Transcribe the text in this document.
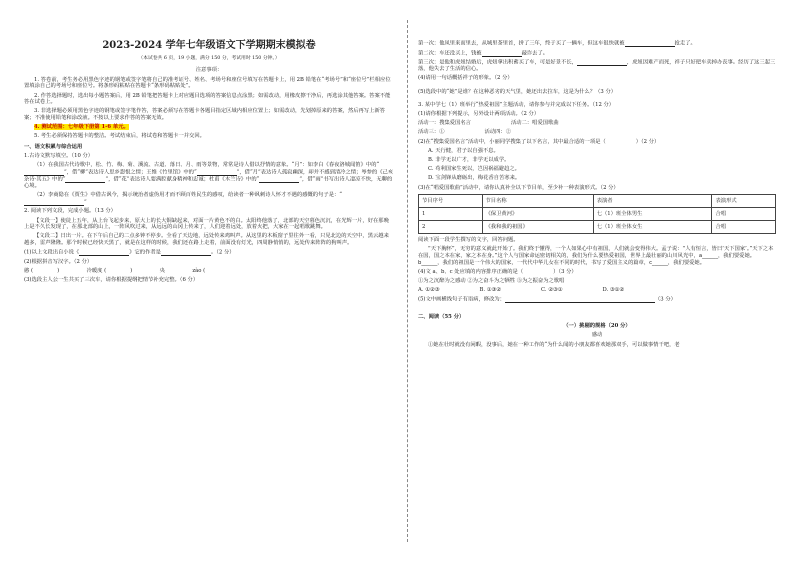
2023-2024 学年七年级语文下学期期末模拟卷
（本试卷共 6 页，19 小题，满分 150 分，考试用时 150 分钟。）

注意事项：

1. 答卷前，考生务必用黑色字迹的钢笔或签字笔将自己的准考证号、姓名、考场号和座位号填写在答题卡上，用 2B 铅笔在“考场号”和“座位号”栏相应位置填涂自己的考场号和座位号。将条形码粘贴在答题卡“条形码粘贴处”。

2. 作答选择题时，选出每小题答案后，用 2B 铅笔把答题卡上对应题目选项的答案信息点涂黑；如需改动，用橡皮擦干净后，再选涂其他答案。答案不能答在试卷上。

3. 非选择题必须用黑色字迹的钢笔或签字笔作答，答案必须写在答题卡各题目指定区域内相应位置上；如需改动，先划掉原来的答案，然后再写上新答案；不准使用铅笔和涂改液。不按以上要求作答的答案无效。

4. 测试范围：七年级下册第 1-6 单元。

5. 考生必须保持答题卡的整洁。考试结束后，将试卷和答题卡一并交回。

一、语文积累与综合运用

1.古诗文默写填空。（10 分）

（1）在我国古代诗歌中，松、竹、梅、菊、溪流、古道、落日、月、雨等景物，常常是诗人借以抒情的意象。“月”：如李白《春夜洛城闻笛》中的“”，借“柳”表达诗人思乡怨恨之情；王维《竹里馆》中的“	”，借“月”表达诗人孤寂幽深，却并不感到清冷之情；岑参的《己亥杂诗·其五》中的“	”，借“花”表达诗人要满腔献身精神和忠诚；杜甫《木兰诗》中的“	”，借“雨”书写出诗人凄凉不快，无聊的心境。

（2）李商隐在《贾生》中借古讽今，揭示统治者虚伪用才而不顾百姓民生的感叹，给读者一种讽刺诗人怀才不遇的感慨的句子是：“”

2. 阅读下列文段，完成小题。（13 分）

【文段一】使徒上五年，从上台飞起步来，原大上的长大铜缺起来，对面一片黄色不的白。太阳终他落了，北部的天空暮色沉沉，在光辉一片，好在那晚上是不久长发现了，在那北部的山上，一阵风吹过来，从远远的山冈上传来了，人们迎着远处，放着火把，大家在一起唱歌跳舞。

【文段二】日出一片。在下午后自己的二点多钟不停步。全看了天边地，远处传来鸡叫声。从这里的木板窗子里往外一看，只见北边的天空中，黑云越来越多，雷声隆隆。那个时候已经快天黑了，就是在这样的时候，我们还在路上走着，前面没有灯光，四周静悄悄的，远处传来阵阵的狗叫声。

(1)以上文段出自小说《	》它的作者是	。（2 分）

(2)根据拼音写汉字。（2 分）

憨 (	)	冷暖度 (	)	央	zào (

(3)选段主人公一生共买了三次车，请你根据提纲把情节补充完整。（6 分）

第一次：他凤里来而里去，从城里茶里首，拼了三年，终于买了一辆车，但这车很快就被	抢走了。

第二次：车还没买上，钱被	敲诈去了。

第三次：是他和虎妞结婚后，虎妞拿出积蓄买了车，可是好景不长，	，虎妞因难产而死，祥子只好把车卖掉办丧事。经历了这三起三落，他失去了生活的信心。

(4)请用一句话概括祥子的形象。（2 分）

(5)选段中的“她”是谁？在这种恶劣的天气里，她还出去拉车，这是为什么？（3 分）

3. 某中学七（1）班举行“热爱祖国”主题活动，请你参与并完成以下任务。（12 分）

(1)请你根据下列提示，另外设计两项活动。（2 分）

活动一：搜集爱国名言	活动二：唱爱国歌曲

活动三：①	活动四：②

(2)在“搜集爱国名言”活动中，小丽同学搜集了以下名言，其中最合适的一项是（	）（2 分）

A. 天行健，君子以自强不息。

B. 非学无以广才，非学无以成学。

C. 苟利国家生死以，岂因祸福避趋之。

D. 宝剑锋从磨砺出，梅花香自苦寒来。

(3)在“唱爱国歌曲”活动中，请你认真补全以下节目单，至少补一种表演形式。（2 分）

节目序号	节目名称	表演者	表演形式
1	《保卫黄河》	七（1）班全体男生	合唱
2	《我和我的祖国》	七（1）班全体女生	合唱

阅读下面一段学生撰写的文字，回答问题。

“天下胸怀”，无穷的意义就此开始了。我们终于懂得，一个人如果心中有祖国，人们就会变得伟大。孟子说：“人有恒言，皆曰‘天下国家’。”天下之本在国，国之本在家，家之本在身。”这个人与国家命运密切相关的，我们为什么要热爱祖国，世界上最壮丽的山川风光中，a______，我们要爱她。b______，我们的祖国是一个伟大的国家，一代代中华儿女在不同的时代，书写了爱国主义的篇章，c______，我们要爱她。

(4)文 a、b、c 处应填的内容排序正确的是（	）（3 分）

①为之沉醉为之感动 ②为之奋斗为之牺牲 ③为之振奋为之歌唱

A. ①②③	B. ①③②	C. ②③①	D. ③①②

(5)文中画横线句子有语病，修改为：	（3 分）

二、阅读（55 分）

（一）挑剔的规格（20 分）

感动

①她在壮时就没有闲暇，没事后，她在一种工作的“为什么闻的小朋友都喜欢她那双手，可以做事情干吧，老
